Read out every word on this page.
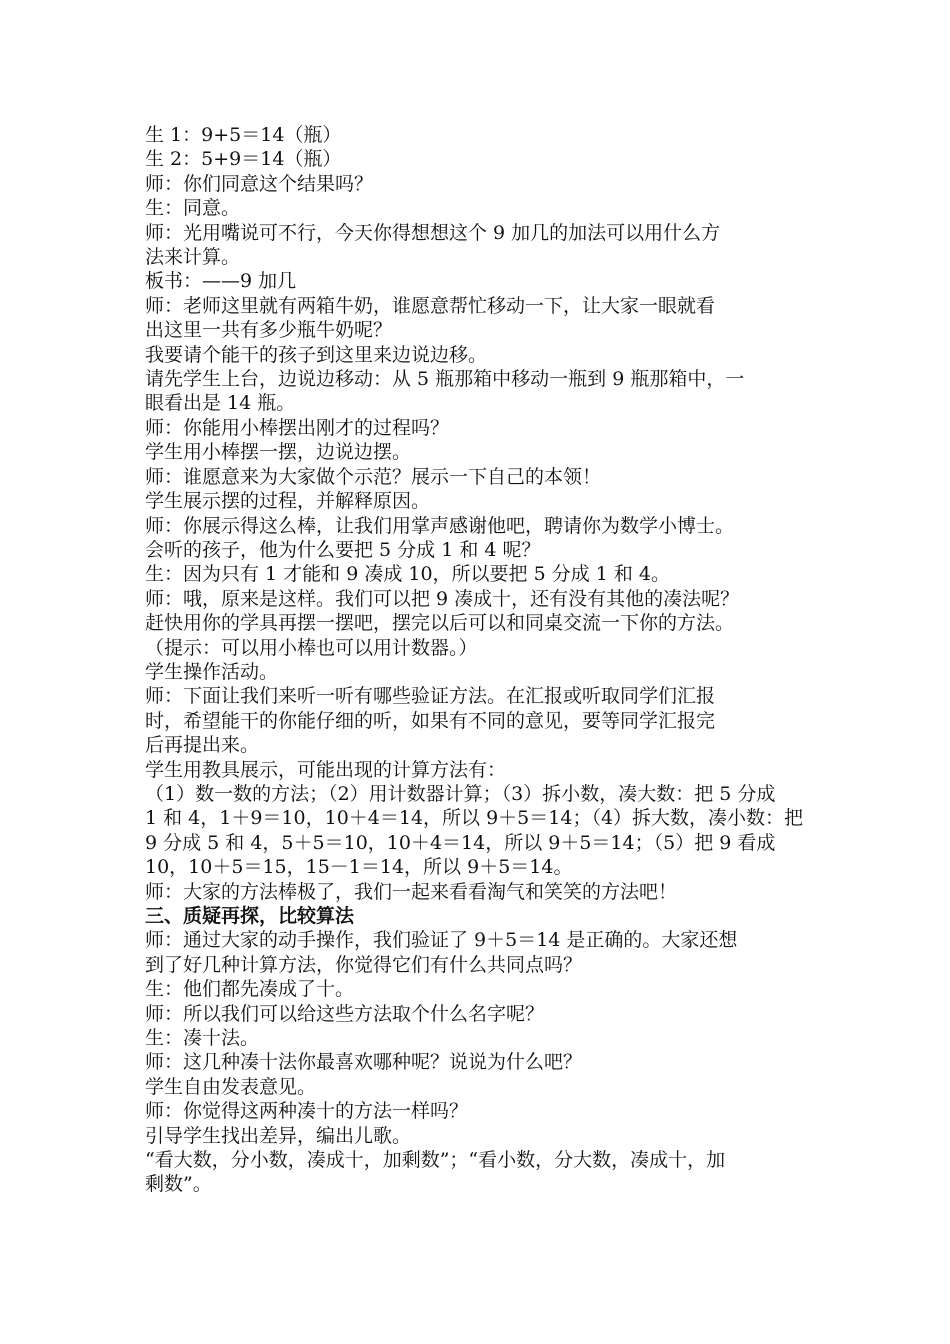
生 1：9+5＝14（瓶）
生 2：5+9＝14（瓶）
师：你们同意这个结果吗？
生：同意。
师：光用嘴说可不行，今天你得想想这个 9 加几的加法可以用什么方
法来计算。
板书：——9 加几
师：老师这里就有两箱牛奶，谁愿意帮忙移动一下，让大家一眼就看
出这里一共有多少瓶牛奶呢？
我要请个能干的孩子到这里来边说边移。
请先学生上台，边说边移动：从 5 瓶那箱中移动一瓶到 9 瓶那箱中，一
眼看出是 14 瓶。
师：你能用小棒摆出刚才的过程吗？
学生用小棒摆一摆，边说边摆。
师：谁愿意来为大家做个示范？展示一下自己的本领！
学生展示摆的过程，并解释原因。
师：你展示得这么棒，让我们用掌声感谢他吧，聘请你为数学小博士。
会听的孩子，他为什么要把 5 分成 1 和 4 呢？
生：因为只有 1 才能和 9 凑成 10，所以要把 5 分成 1 和 4。
师：哦，原来是这样。我们可以把 9 凑成十，还有没有其他的凑法呢？
赶快用你的学具再摆一摆吧，摆完以后可以和同桌交流一下你的方法。
（提示：可以用小棒也可以用计数器。）
学生操作活动。
师：下面让我们来听一听有哪些验证方法。在汇报或听取同学们汇报
时，希望能干的你能仔细的听，如果有不同的意见，要等同学汇报完
后再提出来。
学生用教具展示，可能出现的计算方法有：
（1）数一数的方法；（2）用计数器计算；（3）拆小数，凑大数：把 5 分成
1 和 4，1＋9＝10，10＋4＝14，所以 9＋5＝14；（4）拆大数，凑小数：把
9 分成 5 和 4，5＋5＝10，10＋4＝14，所以 9＋5＝14；（5）把 9 看成
10，10＋5＝15，15－1＝14，所以 9＋5＝14。
师：大家的方法棒极了，我们一起来看看淘气和笑笑的方法吧！
三、质疑再探，比较算法
师：通过大家的动手操作，我们验证了 9＋5＝14 是正确的。大家还想
到了好几种计算方法，你觉得它们有什么共同点吗？
生：他们都先凑成了十。
师：所以我们可以给这些方法取个什么名字呢？
生：凑十法。
师：这几种凑十法你最喜欢哪种呢？说说为什么吧？
学生自由发表意见。
师：你觉得这两种凑十的方法一样吗？
引导学生找出差异，编出儿歌。
“看大数，分小数，凑成十，加剩数”；“看小数，分大数，凑成十，加
剩数”。
